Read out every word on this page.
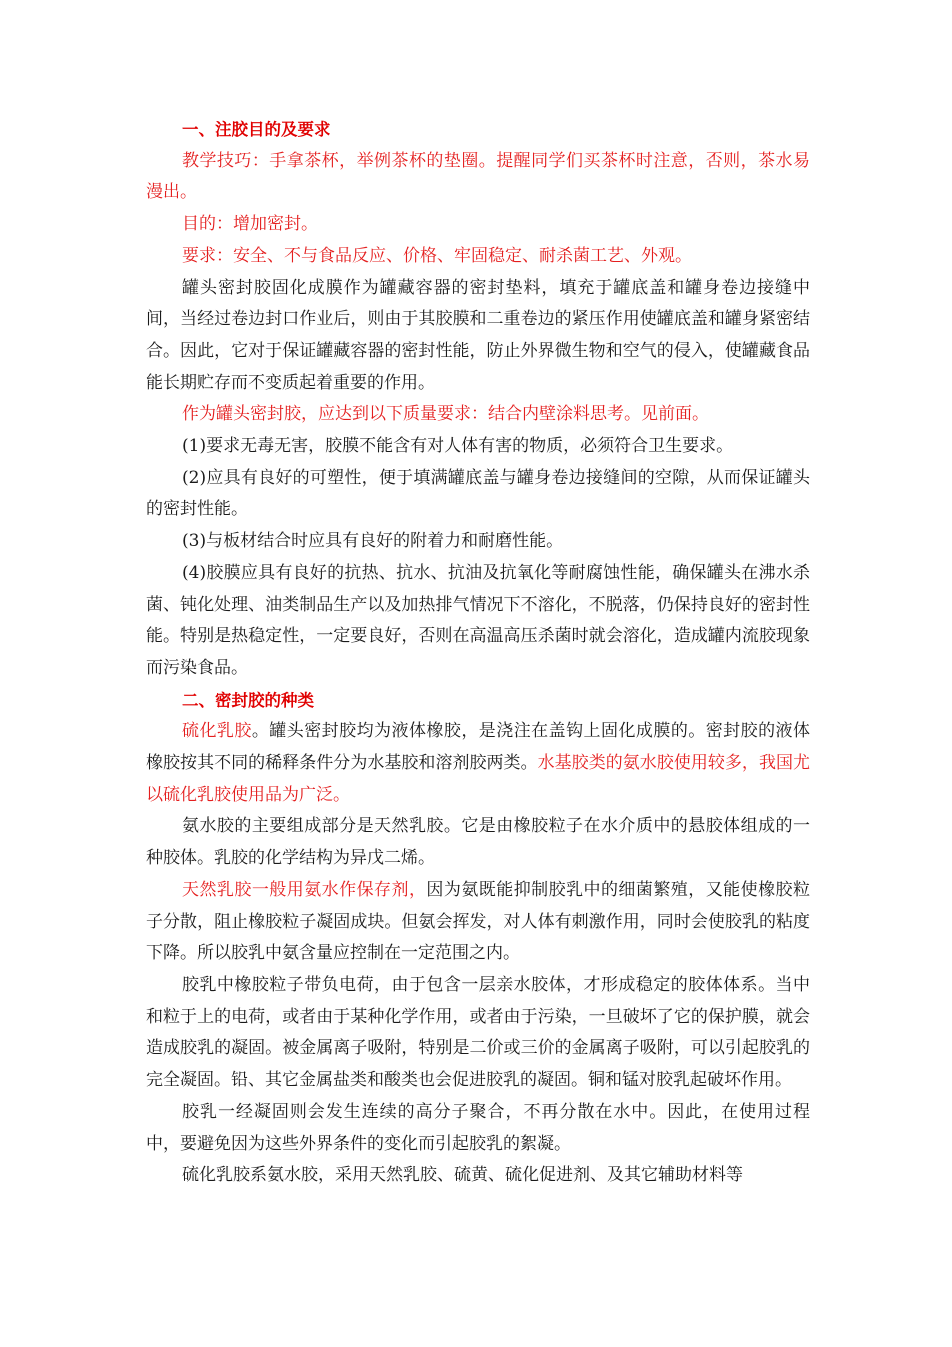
一、注胶目的及要求

教学技巧：手拿茶杯，举例茶杯的垫圈。提醒同学们买茶杯时注意，否则，茶水易漫出。

目的：增加密封。

要求：安全、不与食品反应、价格、牢固稳定、耐杀菌工艺、外观。

罐头密封胶固化成膜作为罐藏容器的密封垫料，填充于罐底盖和罐身卷边接缝中间，当经过卷边封口作业后，则由于其胶膜和二重卷边的紧压作用使罐底盖和罐身紧密结合。因此，它对于保证罐藏容器的密封性能，防止外界微生物和空气的侵入，使罐藏食品能长期贮存而不变质起着重要的作用。

作为罐头密封胶，应达到以下质量要求：结合内壁涂料思考。见前面。

(1)要求无毒无害，胶膜不能含有对人体有害的物质，必须符合卫生要求。

(2)应具有良好的可塑性，便于填满罐底盖与罐身卷边接缝间的空隙，从而保证罐头的密封性能。

(3)与板材结合时应具有良好的附着力和耐磨性能。

(4)胶膜应具有良好的抗热、抗水、抗油及抗氧化等耐腐蚀性能，确保罐头在沸水杀菌、钝化处理、油类制品生产以及加热排气情况下不溶化，不脱落，仍保持良好的密封性能。特别是热稳定性，一定要良好，否则在高温高压杀菌时就会溶化，造成罐内流胶现象而污染食品。

二、密封胶的种类

硫化乳胶。罐头密封胶均为液体橡胶，是浇注在盖钩上固化成膜的。密封胶的液体橡胶按其不同的稀释条件分为水基胶和溶剂胶两类。水基胶类的氨水胶使用较多，我国尤以硫化乳胶使用品为广泛。

氨水胶的主要组成部分是天然乳胶。它是由橡胶粒子在水介质中的悬胶体组成的一种胶体。乳胶的化学结构为异戊二烯。

天然乳胶一般用氨水作保存剂，因为氨既能抑制胶乳中的细菌繁殖，又能使橡胶粒子分散，阻止橡胶粒子凝固成块。但氨会挥发，对人体有刺激作用，同时会使胶乳的粘度下降。所以胶乳中氨含量应控制在一定范围之内。

胶乳中橡胶粒子带负电荷，由于包含一层亲水胶体，才形成稳定的胶体体系。当中和粒于上的电荷，或者由于某种化学作用，或者由于污染，一旦破坏了它的保护膜，就会造成胶乳的凝固。被金属离子吸附，特别是二价或三价的金属离子吸附，可以引起胶乳的完全凝固。铅、其它金属盐类和酸类也会促进胶乳的凝固。铜和锰对胶乳起破坏作用。

胶乳一经凝固则会发生连续的高分子聚合，不再分散在水中。因此，在使用过程中，要避免因为这些外界条件的变化而引起胶乳的絮凝。

硫化乳胶系氨水胶，采用天然乳胶、硫黄、硫化促进剂、及其它辅助材料等
